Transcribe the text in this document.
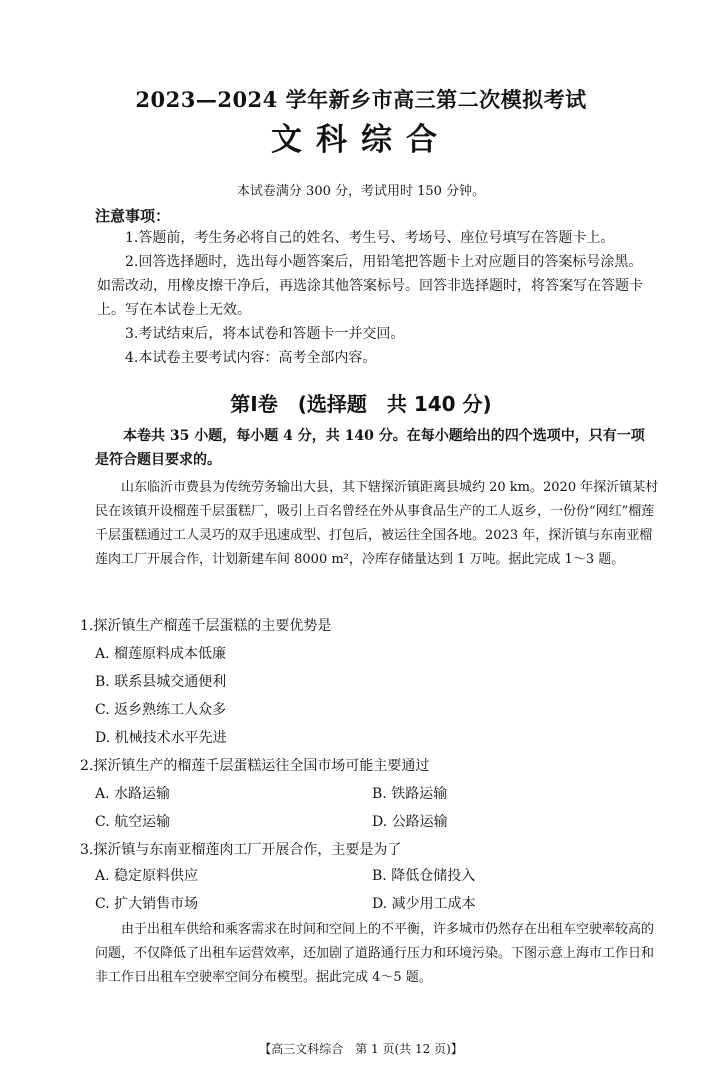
2023—2024 学年新乡市高三第二次模拟考试
文科综合
本试卷满分 300 分，考试用时 150 分钟。
注意事项：

1.答题前，考生务必将自己的姓名、考生号、考场号、座位号填写在答题卡上。

2.回答选择题时，选出每小题答案后，用铅笔把答题卡上对应题目的答案标号涂黑。如需改动，用橡皮擦干净后，再选涂其他答案标号。回答非选择题时，将答案写在答题卡上。写在本试卷上无效。

3.考试结束后，将本试卷和答题卡一并交回。

4.本试卷主要考试内容：高考全部内容。

第Ⅰ卷　(选择题　共 140 分)

本卷共 35 小题，每小题 4 分，共 140 分。在每小题给出的四个选项中，只有一项是符合题目要求的。

山东临沂市费县为传统劳务输出大县，其下辖探沂镇距离县城约 20 km。2020 年探沂镇某村民在该镇开设榴莲千层蛋糕厂，吸引上百名曾经在外从事食品生产的工人返乡，一份份“网红”榴莲千层蛋糕通过工人灵巧的双手迅速成型、打包后，被运往全国各地。2023 年，探沂镇与东南亚榴莲肉工厂开展合作，计划新建车间 8000 m²，冷库存储量达到 1 万吨。据此完成 1～3 题。

1.探沂镇生产榴莲千层蛋糕的主要优势是
A. 榴莲原料成本低廉
B. 联系县城交通便利
C. 返乡熟练工人众多
D. 机械技术水平先进
2.探沂镇生产的榴莲千层蛋糕运往全国市场可能主要通过
A. 水路运输	B. 铁路运输
C. 航空运输	D. 公路运输
3.探沂镇与东南亚榴莲肉工厂开展合作，主要是为了
A. 稳定原料供应	B. 降低仓储投入
C. 扩大销售市场	D. 减少用工成本

由于出租车供给和乘客需求在时间和空间上的不平衡，许多城市仍然存在出租车空驶率较高的问题，不仅降低了出租车运营效率，还加剧了道路通行压力和环境污染。下图示意上海市工作日和非工作日出租车空驶率空间分布模型。据此完成 4～5 题。

【高三文科综合　第 1 页(共 12 页)】
